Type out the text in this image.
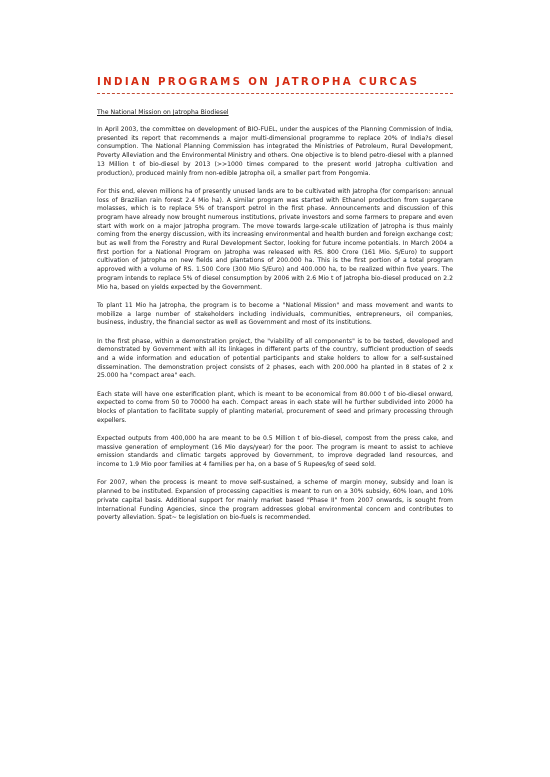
INDIAN PROGRAMS ON JATROPHA CURCAS

The National Mission on Jatropha Biodiesel

In April 2003, the committee on development of BIO-FUEL, under the auspices of the Planning Commission of India, presented its report that recommends a major multi-dimensional programme to replace 20% of India?s diesel consumption. The National Planning Commission has integrated the Ministries of Petroleum, Rural Development, Poverty Alleviation and the Environmental Ministry and others. One objective is to blend petro-diesel with a planned 13 Million t of bio-diesel by 2013 (>>1000 times compared to the present world Jatropha cultivation and production), produced mainly from non-edible Jatropha oil, a smaller part from Pongomia.

For this end, eleven millions ha of presently unused lands are to be cultivated with Jatropha (for comparison: annual loss of Brazilian rain forest 2.4 Mio ha). A similar program was started with Ethanol production from sugarcane molasses, which is to replace 5% of transport petrol in the first phase. Announcements and discussion of this program have already now brought numerous institutions, private investors and some farmers to prepare and even start with work on a major Jatropha program. The move towards large-scale utilization of Jatropha is thus mainly coming from the energy discussion, with its increasing environmental and health burden and foreign exchange cost; but as well from the Forestry and Rural Development Sector, looking for future income potentials. In March 2004 a first portion for a National Program on Jatropha was released with RS. 800 Crore (161 Mio. S/Euro) to support cultivation of Jatropha on new fields and plantations of 200.000 ha. This is the first portion of a total program approved with a volume of RS. 1.500 Core (300 Mio S/Euro) and 400.000 ha, to be realized within five years. The program intends to replace 5% of diesel consumption by 2006 with 2.6 Mio t of Jatropha bio-diesel produced on 2.2 Mio ha, based on yields expected by the Government.

To plant 11 Mio ha Jatropha, the program is to become a "National Mission" and mass movement and wants to mobilize a large number of stakeholders including individuals, communities, entrepreneurs, oil companies, business, industry, the financial sector as well as Government and most of its institutions.

In the first phase, within a demonstration project, the "viability of all components" is to be tested, developed and demonstrated by Government with all its linkages in different parts of the country, sufficient production of seeds and a wide information and education of potential participants and stake holders to allow for a self-sustained dissemination. The demonstration project consists of 2 phases, each with 200.000 ha planted in 8 states of 2 x 25.000 ha "compact area" each.

Each state will have one esterification plant, which is meant to be economical from 80.000 t of bio-diesel onward, expected to come from 50 to 70000 ha each. Compact areas in each state will he further subdivided into 2000 ha blocks of plantation to facilitate supply of planting material, procurement of seed and primary processing through expellers.

Expected outputs from 400,000 ha are meant to be 0.5 Million t of bio-diesel, compost from the press cake, and massive generation of employment (16 Mio days/year) for the poor. The program is meant to assist to achieve emission standards and climatic targets approved by Government, to improve degraded land resources, and income to 1.9 Mio poor families at 4 families per ha, on a base of 5 Rupees/kg of seed sold.

For 2007, when the process is meant to move self-sustained, a scheme of margin money, subsidy and loan is planned to be instituted. Expansion of processing capacities is meant to run on a 30% subsidy, 60% loan, and 10% private capital basis. Additional support for mainly market based "Phase II" from 2007 onwards, is sought from International Funding Agencies, since the program addresses global environmental concern and contributes to poverty alleviation. Spat~ te legislation on bio-fuels is recommended.
